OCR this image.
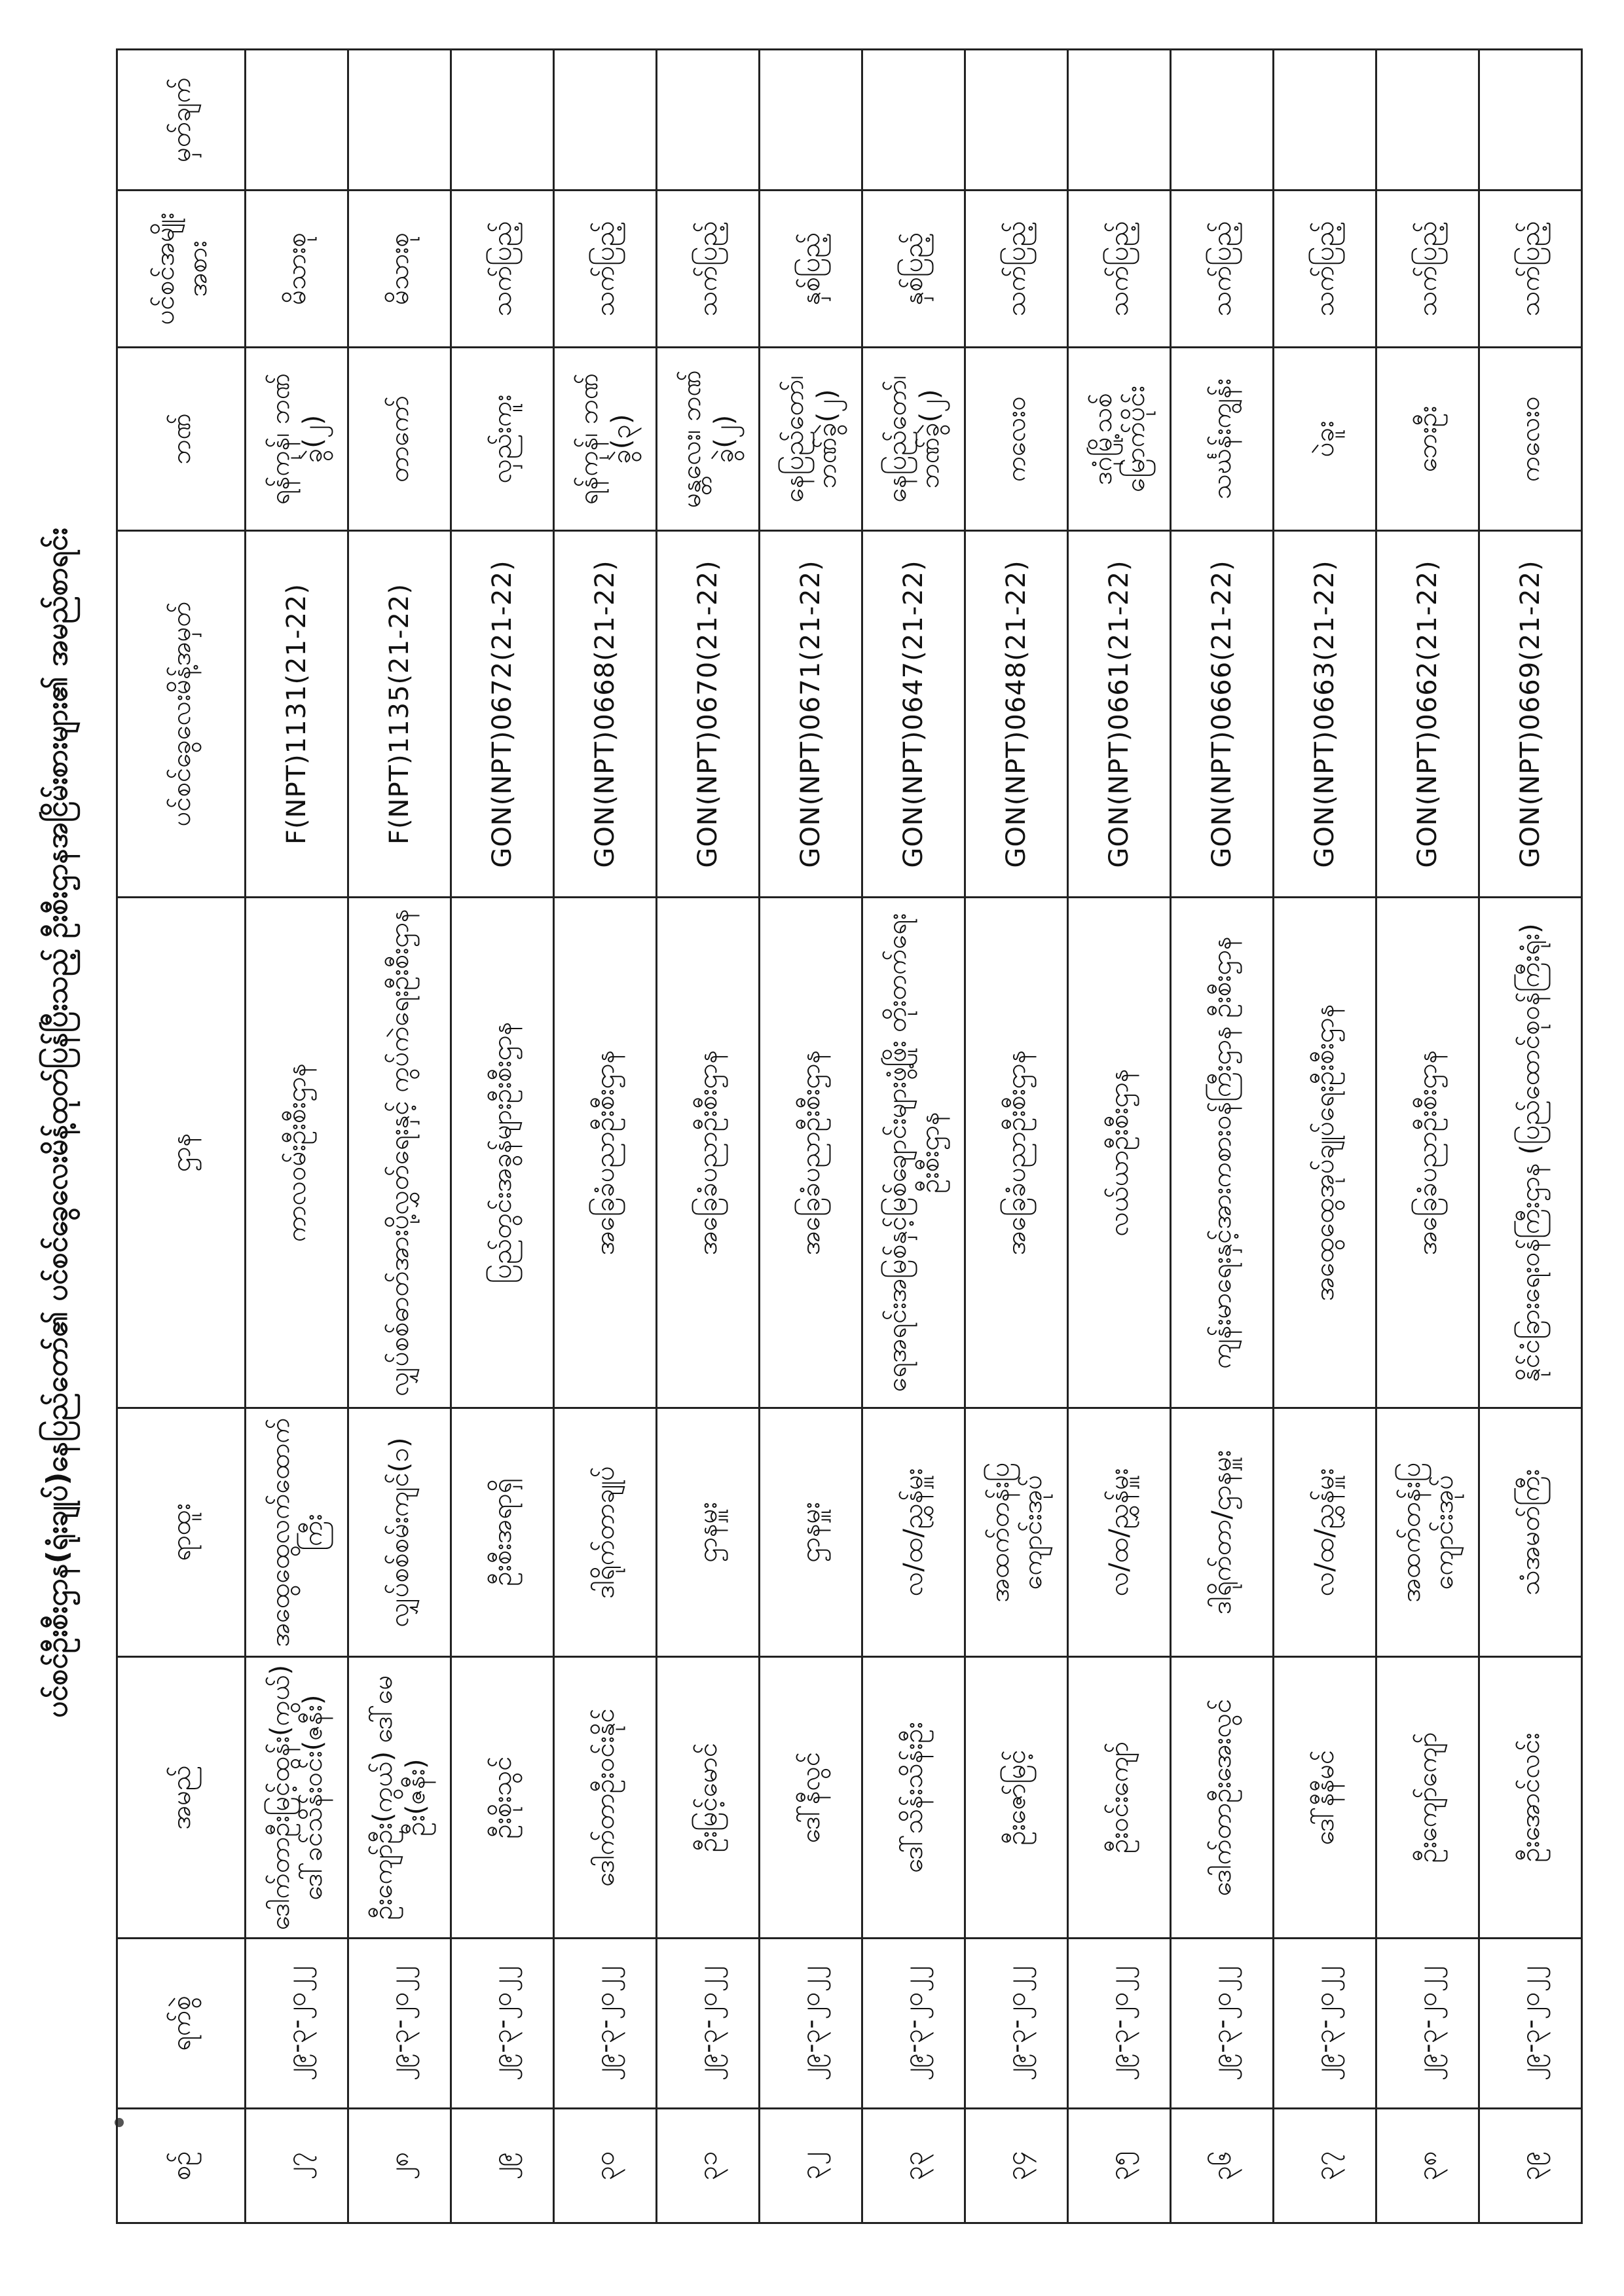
ပင်စင်ဦးစီးဌာန(ရုံးချုပ်)နေပြည်တော်၏ ပင်စင်ခွေလေးမိန့်ထုတ်ပြန်ပြီးသည့် ဦးစီးဌာနအငြိမ်းစားများ၏ အမည်စာရင်း
စဉ်	ရက်စွဲ	အမည်	ရာထူး	ဌာန	ပင်စင်ခွေလေးမိန့်အမှတ်	ဘဏ်	ပင်စင်အမျိုးအစား	မှတ်ချက်
၂၇	၂၉-၃-၂၀၂၂	ဒေါက်တာဦးမြင့်ထွန်း(ကွယ်) ဒေါ်ခင်သိန်းဝင်း(ဇနီး)	အထွေထွေလက်ထောက်ကြီး	ကာလဝမ်းဦးစီးဌာန	F(NPT)1131(21-22)	ရန်ကုန်၊ ဘဏ်ခွဲ(၂)	မိသားစု	
၂၈	၂၉-၃-၂၀၂၂	ဦးကျော်ဦး(ကွယ်) ဒေါ်မေဦး(ဇနီး)	လျှပ်စစ်စမ်းကျင်(၁)	လျှပ်စစ်ဓာတ်အားပို့လွှတ်ရေးနှင့် ကွပ်ကဲရေးဦးစီးဌာန	F(NPT)1135(21-22)	တာကော်	မိသားစု	
၂၉	၂၉-၃-၂၀၂၂	ဦးစိုးသွင်	ဦးစီးအရာရှိ	ပြည်တွင်းအခွန်များဦးစီးဌာန	GON(NPT)0672(21-22)	လှည်းကူး	သက်ပြည့်	
၃၀	၂၉-၃-၂၀၂၂	ဒေါက်တာဦးဝင်းနိုင်	ဒါရိုက်တာချုပ်	အခြေခံပညာဦးစီးဌာန	GON(NPT)0668(21-22)	ရန်ကုန်၊ ဘဏ်ခွဲ(၃)	သက်ပြည့်	
၃၁	၂၉-၃-၂၀၂၂	ဦးမြင့်မောင်	ဌာနမှူး	အခြေခံပညာဦးစီးဌာန	GON(NPT)0670(21-22)	မန္တလေး၊ ဘဏ်ခွဲ(၂)	သက်ပြည့်	
၃၂	၂၉-၃-၂၀၂၂	ဒေါ်နီလွင်	ဌာနမှူး	အခြေခံပညာဦးစီးဌာန	GON(NPT)0671(21-22)	နေပြည်တော်၊ ဘဏ်ခွဲ(၂)	နှစ်ပြည့်	
၃၃	၂၉-၃-၂၀၂၂	ဒေါ်သိန်းသိန်းဦး	လ/ထ/ညွှန်မှူး	ရေအရင်းအမြစ်နှင့်မြစ်ချောင်းများဖွံ့ဖြိုး တိုးတက်ရေးဦးစီးဌာန	GON(NPT)0647(21-22)	နေပြည်တော်၊ ဘဏ်ခွဲ(၂)	နှစ်ပြည့်	
၃၄	၂၉-၃-၂၀၂၂	ဦးဇော်မြင့်	အထက်တန်းပြ ကျောင်းအုပ်	အခြေခံပညာဦးစီးဌာန	GON(NPT)0648(21-22)	ကလေးဝ	သက်ပြည့်	
၃၅	၂၉-၃-၂၀၂၂	ဦးဝင်းကျော်	လ/ထ/ညွှန်မှူး	လယ်ယာဦးစီးဌာန	GON(NPT)0661(21-22)	ဒဂုံမြို့သစ် မြောက်ပိုင်း	သက်ပြည့်	
၃၆	၂၉-၃-၂၀၂၂	ဒေါက်တာဦးအေးလွင်	ဒါရိုက်တာ/ဌာနမှူး	ကျန်းမာရေးနှင့်အားကစားဝန်ကြီးဌာန ဦးစီးဌာန	GON(NPT)0666(21-22)	သင်္ဃန်းကျွန်း	သက်ပြည့်	
၃၇	၂၉-၃-၂၀၂၂	ဒေါ်နီနီမင်	လ/ထ/ညွှန်မှူး	အထွေထွေအုပ်ချုပ်ရေးဦးစီးဌာန	GON(NPT)0663(21-22)	ပဲခူး	သက်ပြည့်	
၃၈	၂၉-၃-၂၀၂၂	ဦးကျော်ကျော်	အထက်တန်းပြ ကျောင်းအုပ်	အခြေခံပညာဦးစီးဌာန	GON(NPT)0662(21-22)	ဘေးဦး	သက်ပြည့်	
၃၉	၂၉-၃-၂၀၂၂	ဦးအောင်လင်း	သံအမတ်ကြီး	နိုင်ငံခြားရေးဝန်ကြီးဌာန (ပြည်ထောင်စုဝန်ကြီးရုံး)	GON(NPT)0669(21-22)	ကလေးဝ	သက်ပြည့်	
